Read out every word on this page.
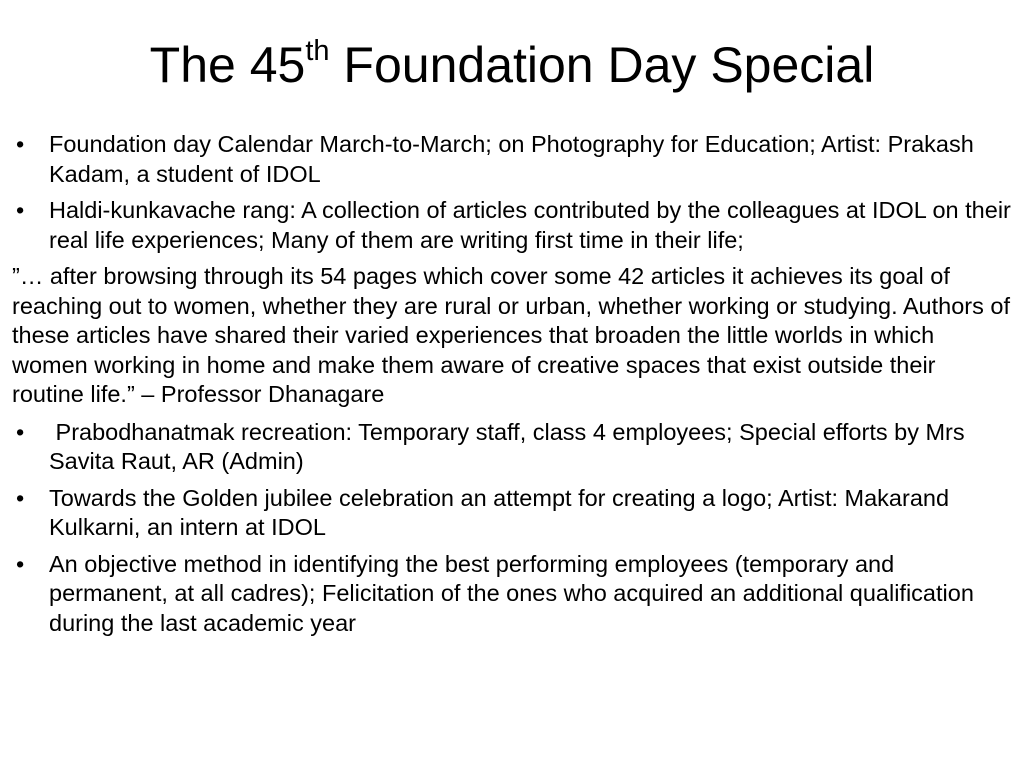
The 45th Foundation Day Special
• Foundation day Calendar March-to-March; on Photography for Education; Artist: Prakash Kadam, a student of IDOL
• Haldi-kunkavache rang: A collection of articles contributed by the colleagues at IDOL on their real life experiences; Many of them are writing first time in their life;
”… after browsing through its 54 pages which cover some 42 articles it achieves its goal of reaching out to women, whether they are rural or urban, whether working or studying. Authors of these articles have shared their varied experiences that broaden the little worlds in which women working in home and make them aware of creative spaces that exist outside their routine life.” – Professor Dhanagare
• Prabodhanatmak recreation: Temporary staff, class 4 employees; Special efforts by Mrs Savita Raut, AR (Admin)
• Towards the Golden jubilee celebration an attempt for creating a logo; Artist: Makarand Kulkarni, an intern at IDOL
• An objective method in identifying the best performing employees (temporary and permanent, at all cadres); Felicitation of the ones who acquired an additional qualification during the last academic year
